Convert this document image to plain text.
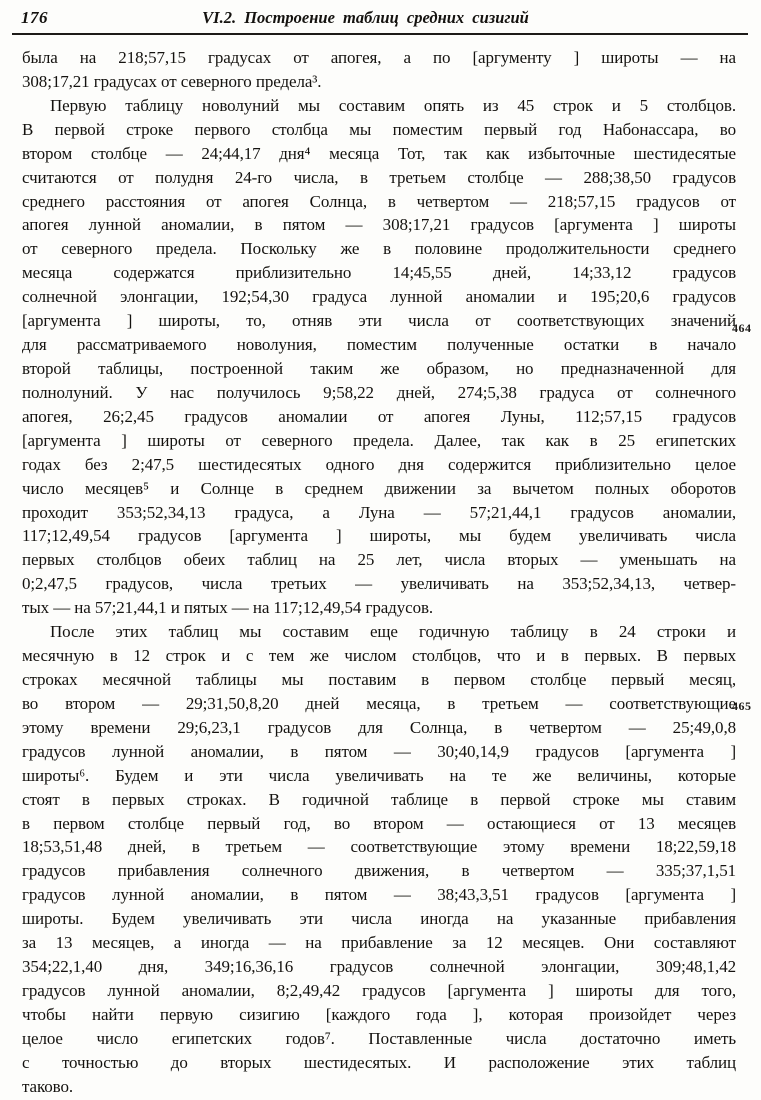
176	VI.2. Построение таблиц средних сизигий
была на 218;57,15 градусах от апогея, а по [аргументу ] широты — на
308;17,21 градусах от северного предела³.
Первую таблицу новолуний мы составим опять из 45 строк и 5 столбцов.
В первой строке первого столбца мы поместим первый год Набонассара, во
втором столбце — 24;44,17 дня⁴ месяца Тот, так как избыточные шестидесятые
считаются от полудня 24-го числа, в третьем столбце — 288;38,50 градусов
среднего расстояния от апогея Солнца, в четвертом — 218;57,15 градусов от
апогея лунной аномалии, в пятом — 308;17,21 градусов [аргумента ] широты
от северного предела. Поскольку же в половине продолжительности среднего
месяца содержатся приблизительно 14;45,55 дней, 14;33,12 градусов
солнечной элонгации, 192;54,30 градуса лунной аномалии и 195;20,6 градусов
[аргумента ] широты, то, отняв эти числа от соответствующих значений
для рассматриваемого новолуния, поместим полученные остатки в начало
второй таблицы, построенной таким же образом, но предназначенной для
полнолуний. У нас получилось 9;58,22 дней, 274;5,38 градуса от солнечного
апогея, 26;2,45 градусов аномалии от апогея Луны, 112;57,15 градусов
[аргумента ] широты от северного предела. Далее, так как в 25 египетских
годах без 2;47,5 шестидесятых одного дня содержится приблизительно целое
число месяцев⁵ и Солнце в среднем движении за вычетом полных оборотов
проходит 353;52,34,13 градуса, а Луна — 57;21,44,1 градусов аномалии,
117;12,49,54 градусов [аргумента ] широты, мы будем увеличивать числа
первых столбцов обеих таблиц на 25 лет, числа вторых — уменьшать на
0;2,47,5 градусов, числа третьих — увеличивать на 353;52,34,13, четвер-
тых — на 57;21,44,1 и пятых — на 117;12,49,54 градусов.
После этих таблиц мы составим еще годичную таблицу в 24 строки и
месячную в 12 строк и с тем же числом столбцов, что и в первых. В первых
строках месячной таблицы мы поставим в первом столбце первый месяц,
во втором — 29;31,50,8,20 дней месяца, в третьем — соответствующие
этому времени 29;6,23,1 градусов для Солнца, в четвертом — 25;49,0,8
градусов лунной аномалии, в пятом — 30;40,14,9 градусов [аргумента ]
широты⁶. Будем и эти числа увеличивать на те же величины, которые
стоят в первых строках. В годичной таблице в первой строке мы ставим
в первом столбце первый год, во втором — остающиеся от 13 месяцев
18;53,51,48 дней, в третьем — соответствующие этому времени 18;22,59,18
градусов прибавления солнечного движения, в четвертом — 335;37,1,51
градусов лунной аномалии, в пятом — 38;43,3,51 градусов [аргумента ]
широты. Будем увеличивать эти числа иногда на указанные прибавления
за 13 месяцев, а иногда — на прибавление за 12 месяцев. Они составляют
354;22,1,40 дня, 349;16,36,16 градусов солнечной элонгации, 309;48,1,42
градусов лунной аномалии, 8;2,49,42 градусов [аргумента ] широты для того,
чтобы найти первую сизигию [каждого года ], которая произойдет через
целое число египетских годов⁷. Поставленные числа достаточно иметь
с точностью до вторых шестидесятых. И расположение этих таблиц
таково.
464
465
